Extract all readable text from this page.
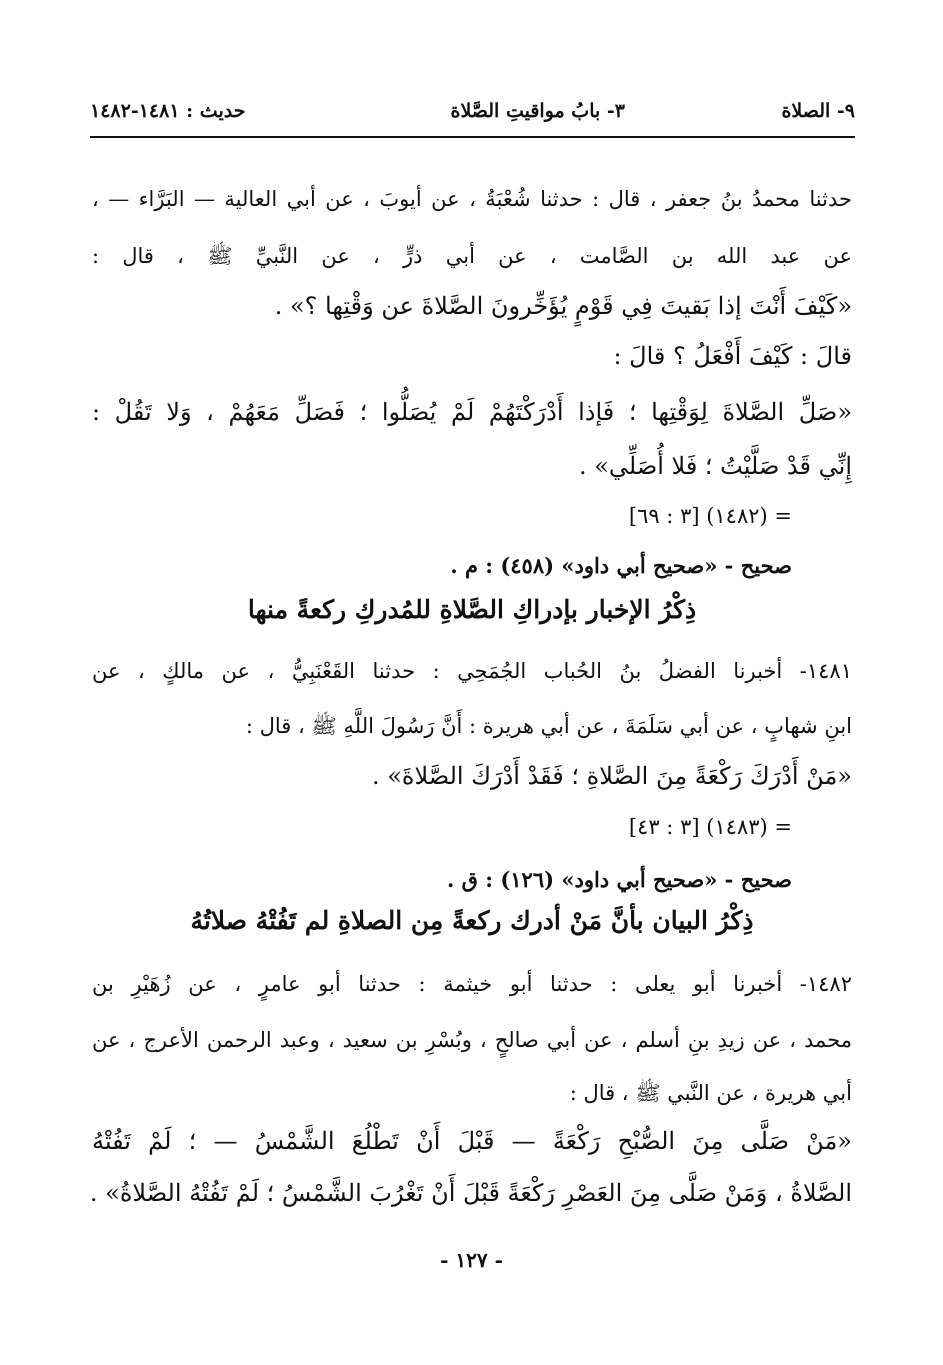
٩- الصلاة
٣- بابُ مواقيتِ الصَّلاة
حديث : ١٤٨١-١٤٨٢
حدثنا محمدُ بنُ جعفر ، قال : حدثنا شُعْبَةُ ، عن أيوبَ ، عن أبي العالية — البَرَّاء — ،
عن عبد الله بن الصَّامت ، عن أبي ذرٍّ ، عن النَّبيِّ ﷺ ، قال :
«كَيْفَ أَنْتَ إذا بَقيتَ فِي قَوْمٍ يُؤَخِّرونَ الصَّلاةَ عن وَقْتِها ؟» .
قالَ : كَيْفَ أَفْعَلُ ؟ قالَ :
«صَلِّ الصَّلاةَ لِوَقْتِها ؛ فَإذا أَدْرَكْتَهُمْ لَمْ يُصَلُّوا ؛ فَصَلِّ مَعَهُمْ ، وَلا تَقُلْ :
إِنِّي قَدْ صَلَّيْتُ ؛ فَلا أُصَلِّي» .
= (١٤٨٢) [٣ : ٦٩]
صحيح - «صحيح أبي داود» (٤٥٨) : م .
١٤٨١- أخبرنا الفضلُ بنُ الحُباب الجُمَحِي : حدثنا القَعْنَبِيُّ ، عن مالكٍ ، عن
ابنِ شهابٍ ، عن أبي سَلَمَةَ ، عن أبي هريرة : أَنَّ رَسُولَ اللَّهِ ﷺ ، قال :
«مَنْ أَدْرَكَ رَكْعَةً مِنَ الصَّلاةِ ؛ فَقَدْ أَدْرَكَ الصَّلاةَ» .
= (١٤٨٣) [٣ : ٤٣]
صحيح - «صحيح أبي داود» (١٢٦) : ق .
١٤٨٢- أخبرنا أبو يعلى : حدثنا أبو خيثمة : حدثنا أبو عامرٍ ، عن زُهَيْرِ بن
محمد ، عن زيدِ بنِ أسلم ، عن أبي صالحٍ ، وبُسْرِ بن سعيد ، وعبد الرحمن الأعرج ، عن
أبي هريرة ، عن النَّبي ﷺ ، قال :
«مَنْ صَلَّى مِنَ الصُّبْحِ رَكْعَةً — قَبْلَ أَنْ تَطْلُعَ الشَّمْسُ — ؛ لَمْ تَفُتْهُ
الصَّلاةُ ، وَمَنْ صَلَّى مِنَ العَصْرِ رَكْعَةً قَبْلَ أَنْ تَغْرُبَ الشَّمْسُ ؛ لَمْ تَفُتْهُ الصَّلاةُ» .
ذِكْرُ الإخبار بإدراكِ الصَّلاةِ للمُدركِ ركعةً منها
ذِكْرُ البيان بأنَّ مَنْ أدرك ركعةً مِن الصلاةِ لم تَفُتْهُ صلاتُهُ
- ١٢٧ -
